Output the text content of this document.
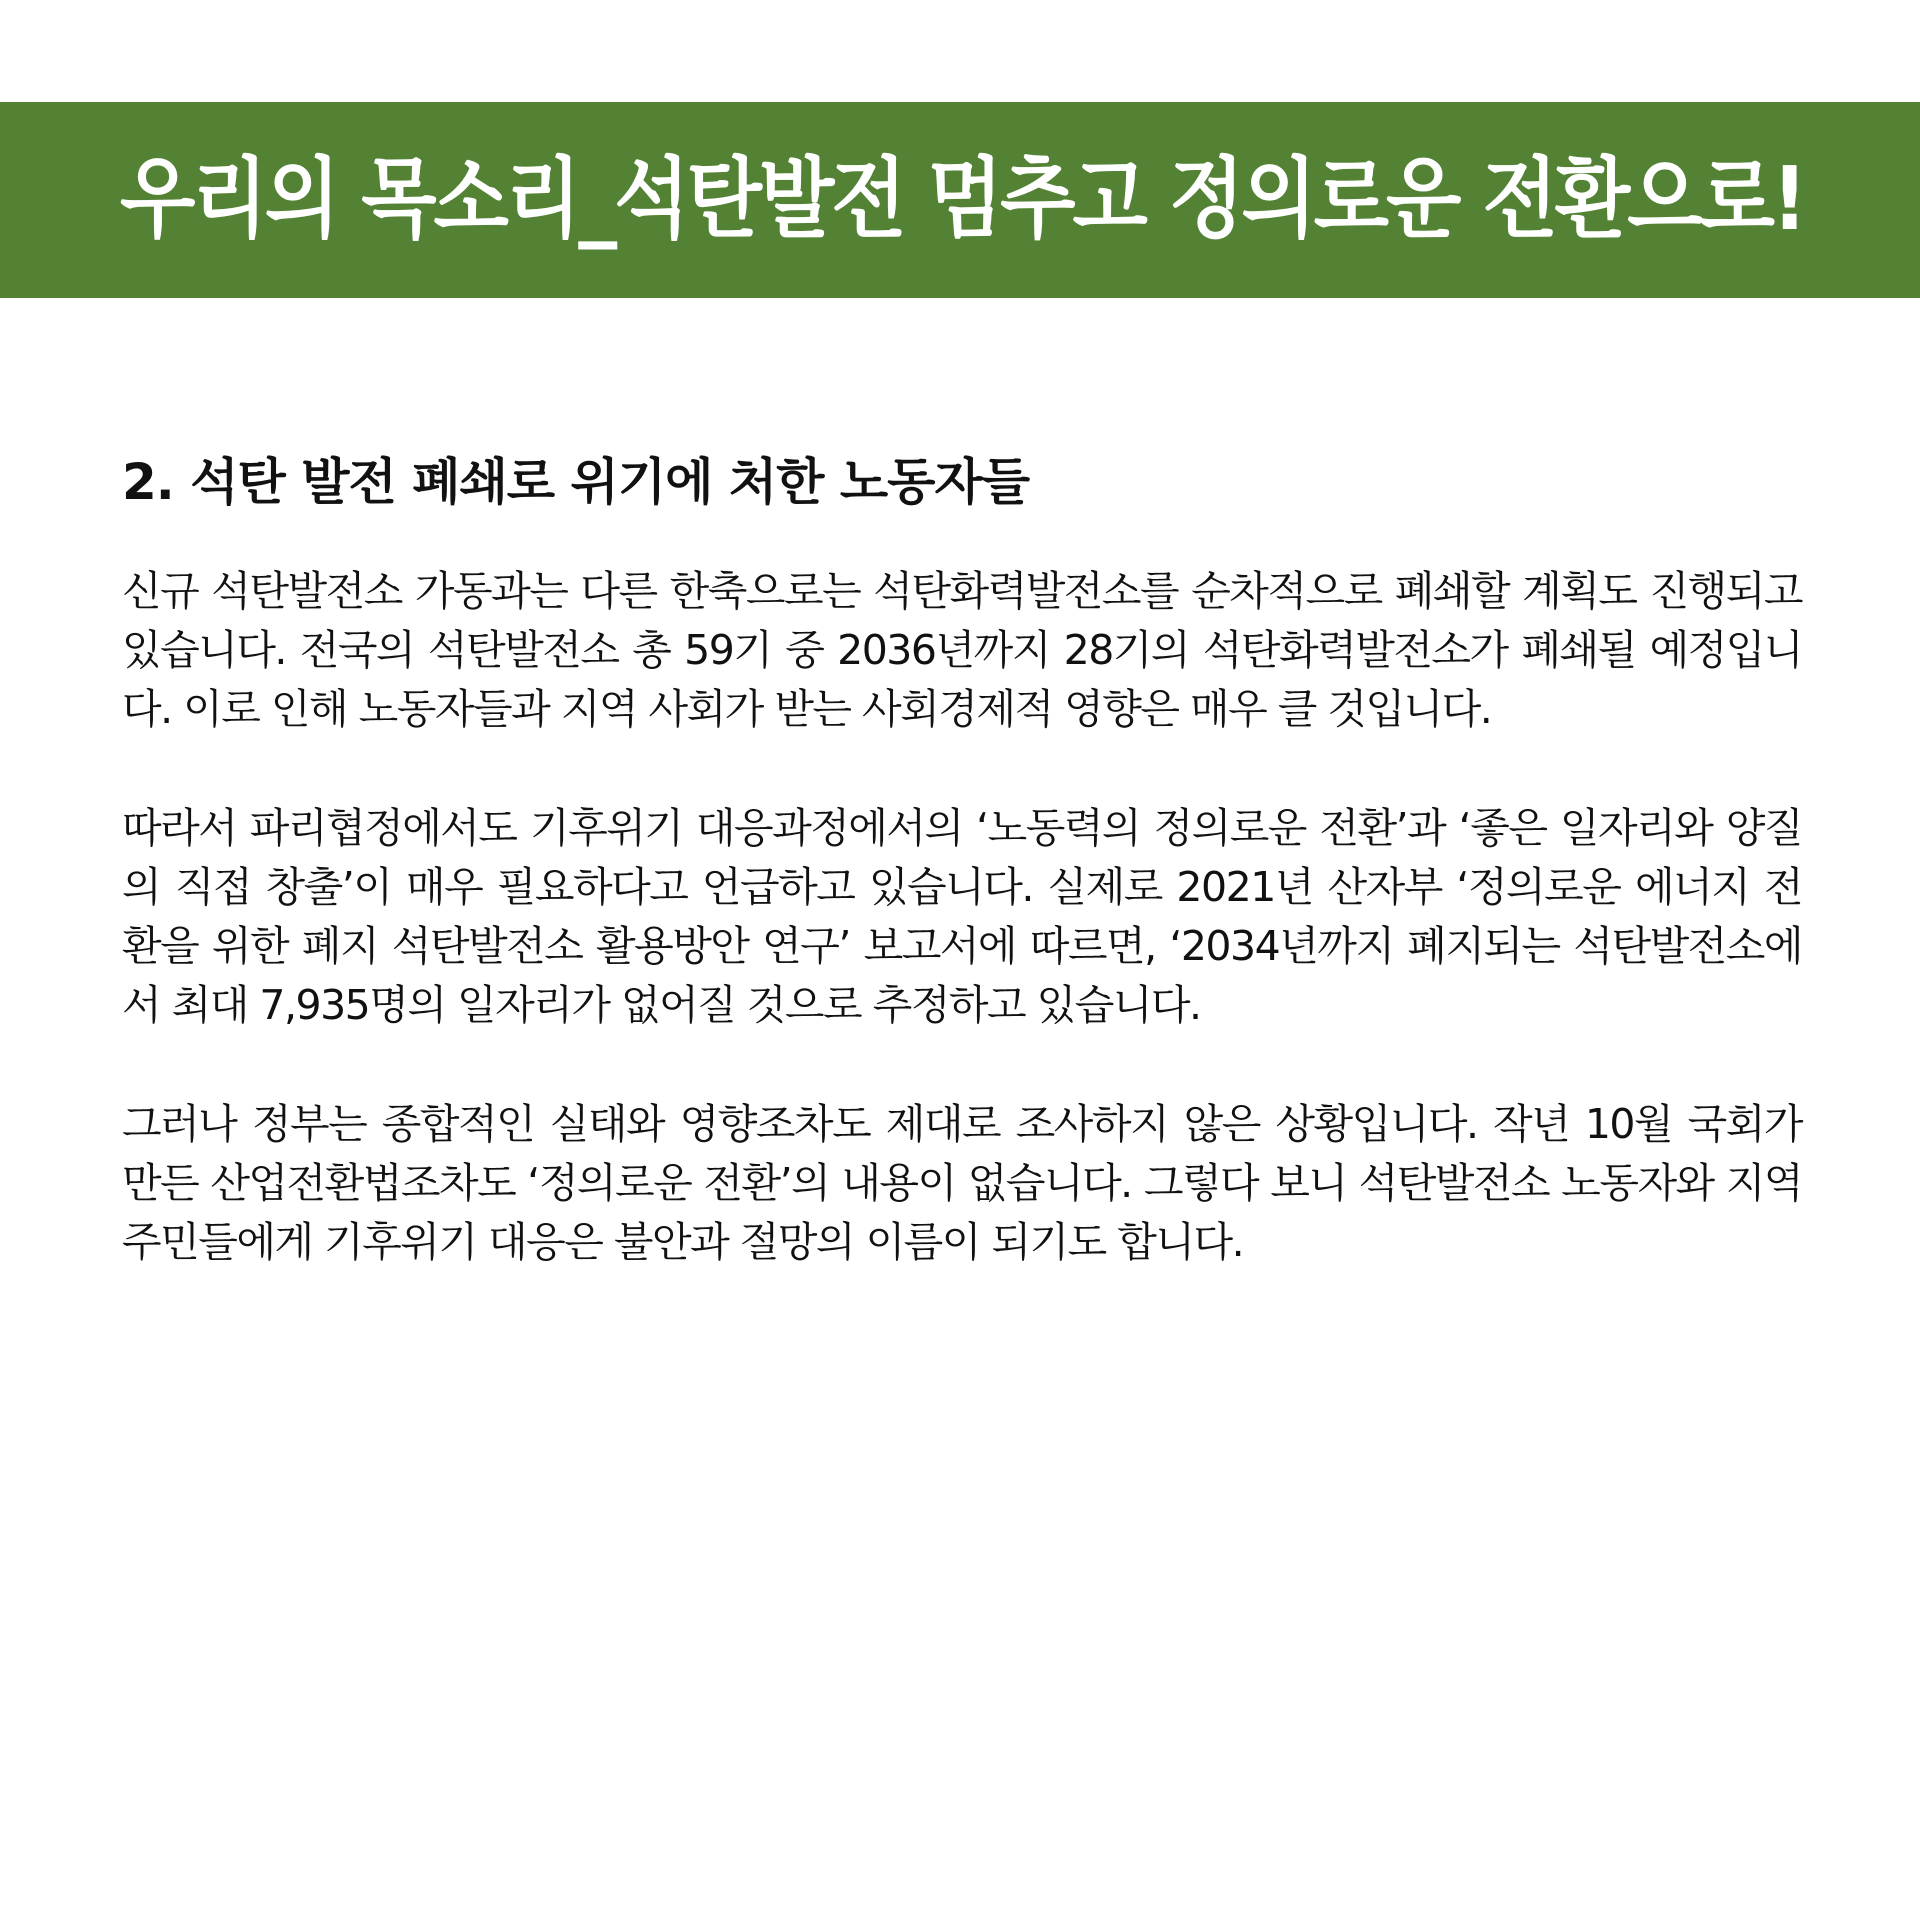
우리의 목소리_석탄발전 멈추고 정의로운 전환으로!
2. 석탄 발전 폐쇄로 위기에 처한 노동자들

신규 석탄발전소 가동과는 다른 한축으로는 석탄화력발전소를 순차적으로 폐쇄할 계획도 진행되고 있습니다. 전국의 석탄발전소 총 59기 중 2036년까지 28기의 석탄화력발전소가 폐쇄될 예정입니다. 이로 인해 노동자들과 지역 사회가 받는 사회경제적 영향은 매우 클 것입니다.

따라서 파리협정에서도 기후위기 대응과정에서의 ‘노동력의 정의로운 전환’과 ‘좋은 일자리와 양질의 직접 창출’이 매우 필요하다고 언급하고 있습니다. 실제로 2021년 산자부 ‘정의로운 에너지 전환을 위한 폐지 석탄발전소 활용방안 연구’ 보고서에 따르면, ‘2034년까지 폐지되는 석탄발전소에서 최대 7,935명의 일자리가 없어질 것으로 추정하고 있습니다.

그러나 정부는 종합적인 실태와 영향조차도 제대로 조사하지 않은 상황입니다. 작년 10월 국회가 만든 산업전환법조차도 ‘정의로운 전환’의 내용이 없습니다. 그렇다 보니 석탄발전소 노동자와 지역 주민들에게 기후위기 대응은 불안과 절망의 이름이 되기도 합니다.
